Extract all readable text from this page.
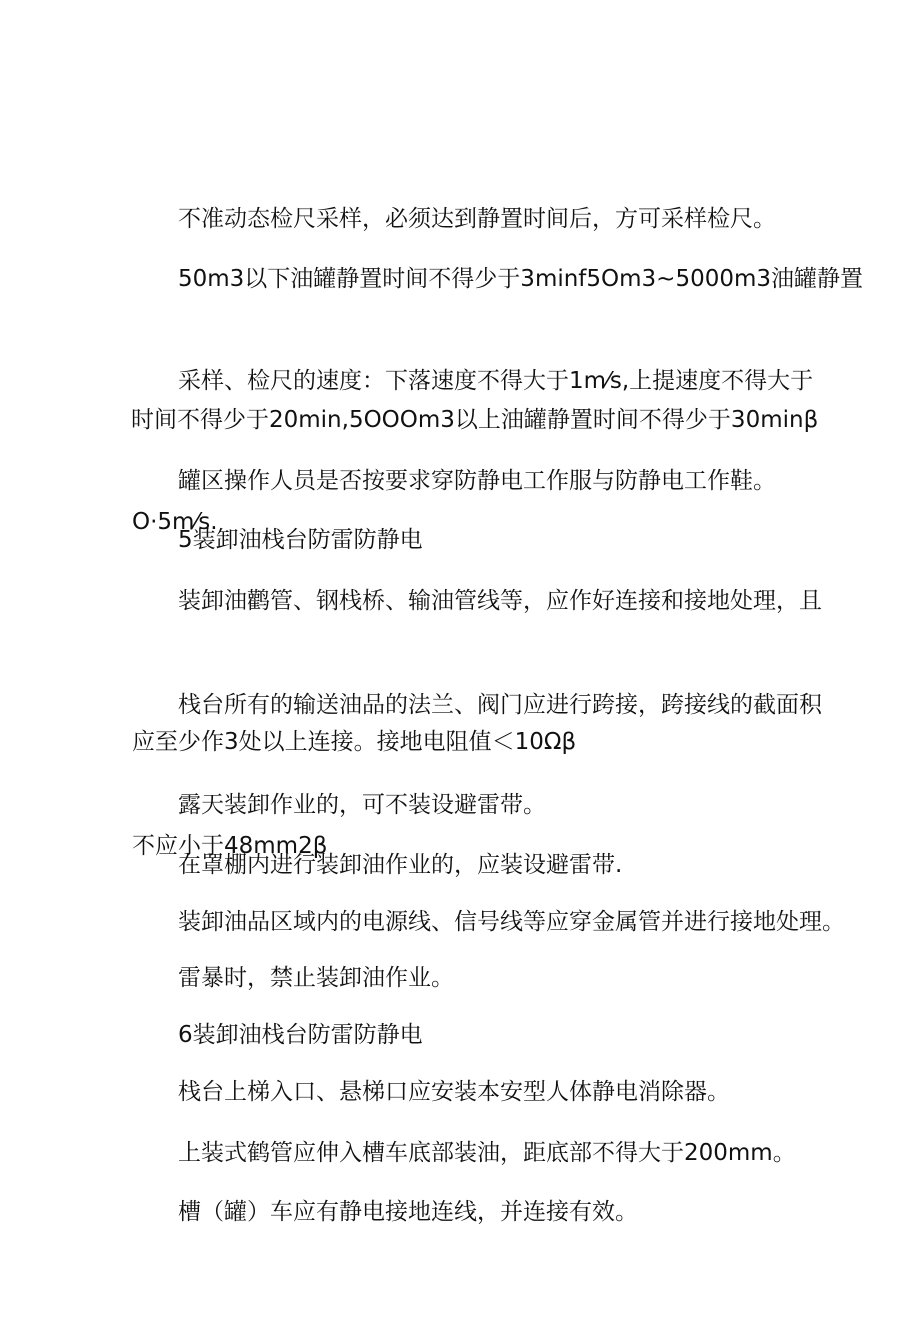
不准动态检尺采样，必须达到静置时间后，方可采样检尺。

50m3以下油罐静置时间不得少于3minf5Om3~5000m3油罐静置

时间不得少于20min,5OOOm3以上油罐静置时间不得少于30minβ

采样、检尺的速度：下落速度不得大于1m⁄s,上提速度不得大于

O·5m⁄s.

罐区操作人员是否按要求穿防静电工作服与防静电工作鞋。

5装卸油栈台防雷防静电

装卸油鹳管、钢栈桥、输油管线等，应作好连接和接地处理，且

应至少作3处以上连接。接地电阻值＜10Ωβ

栈台所有的输送油品的法兰、阀门应进行跨接，跨接线的截面积

不应小于48mm2β

露天装卸作业的，可不装设避雷带。

在罩棚内进行装卸油作业的，应装设避雷带.

装卸油品区域内的电源线、信号线等应穿金属管并进行接地处理。

雷暴时，禁止装卸油作业。

6装卸油栈台防雷防静电

栈台上梯入口、悬梯口应安装本安型人体静电消除器。

上装式鹤管应伸入槽车底部装油，距底部不得大于200mm。

槽（罐）车应有静电接地连线，并连接有效。
